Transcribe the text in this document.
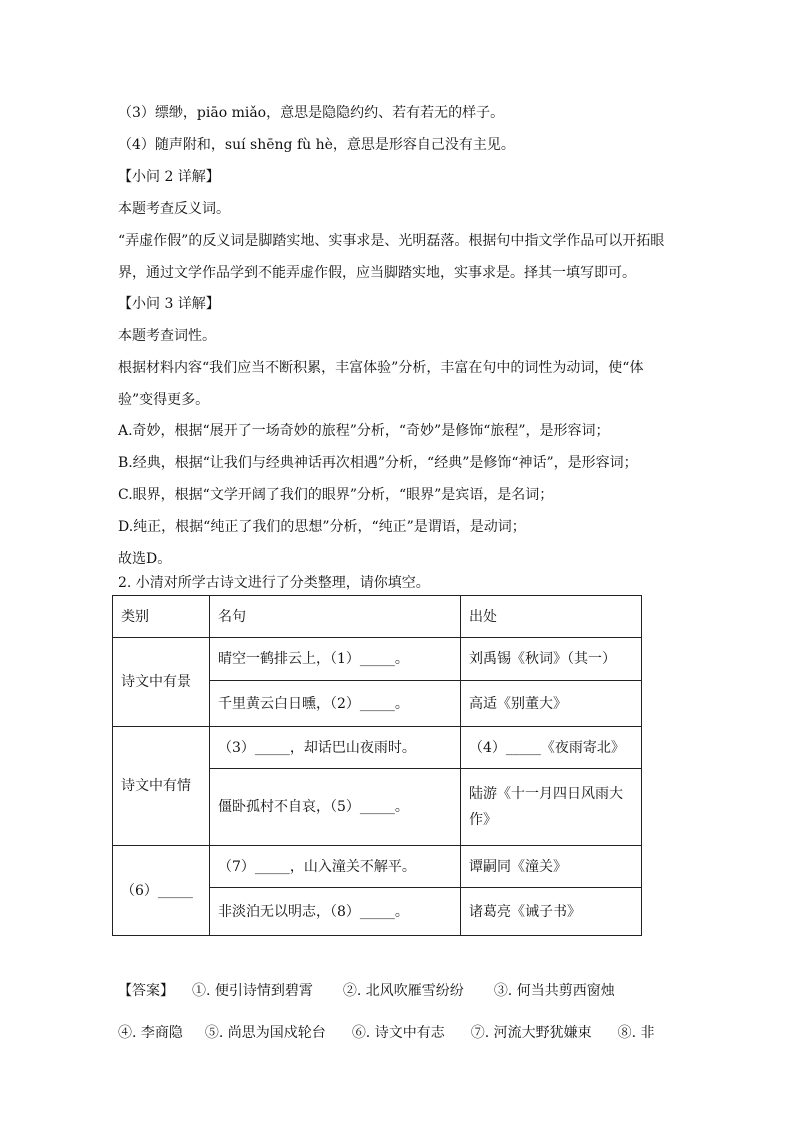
（3）缥缈，piāo miǎo，意思是隐隐约约、若有若无的样子。
（4）随声附和，suí shēng fù hè，意思是形容自己没有主见。
【小问 2 详解】
本题考查反义词。
“弄虚作假”的反义词是脚踏实地、实事求是、光明磊落。根据句中指文学作品可以开拓眼界，通过文学作品学到不能弄虚作假，应当脚踏实地，实事求是。择其一填写即可。
【小问 3 详解】
本题考查词性。
根据材料内容“我们应当不断积累，丰富体验”分析，丰富在句中的词性为动词，使“体验”变得更多。
A.奇妙，根据“展开了一场奇妙的旅程”分析，“奇妙”是修饰“旅程”，是形容词；
B.经典，根据“让我们与经典神话再次相遇”分析，“经典”是修饰“神话”，是形容词；
C.眼界，根据“文学开阔了我们的眼界”分析，“眼界”是宾语，是名词；
D.纯正，根据“纯正了我们的思想”分析，“纯正”是谓语，是动词；
故选D。
2. 小清对所学古诗文进行了分类整理，请你填空。
类别	名句	出处
诗文中有景	晴空一鹤排云上，（1）_____。	刘禹锡《秋词》（其一）
	千里黄云白日曛，（2）_____。	高适《别董大》
诗文中有情	（3）_____，却话巴山夜雨时。	（4）_____《夜雨寄北》
	僵卧孤村不自哀，（5）_____。	陆游《十一月四日风雨大作》
（6）_____	（7）_____，山入潼关不解平。	谭嗣同《潼关》
	非淡泊无以明志，（8）_____。	诸葛亮《诫子书》
【答案】 ①. 便引诗情到碧霄 ②. 北风吹雁雪纷纷 ③. 何当共剪西窗烛④. 李商隐 ⑤. 尚思为国戍轮台 ⑥. 诗文中有志 ⑦. 河流大野犹嫌束 ⑧. 非
